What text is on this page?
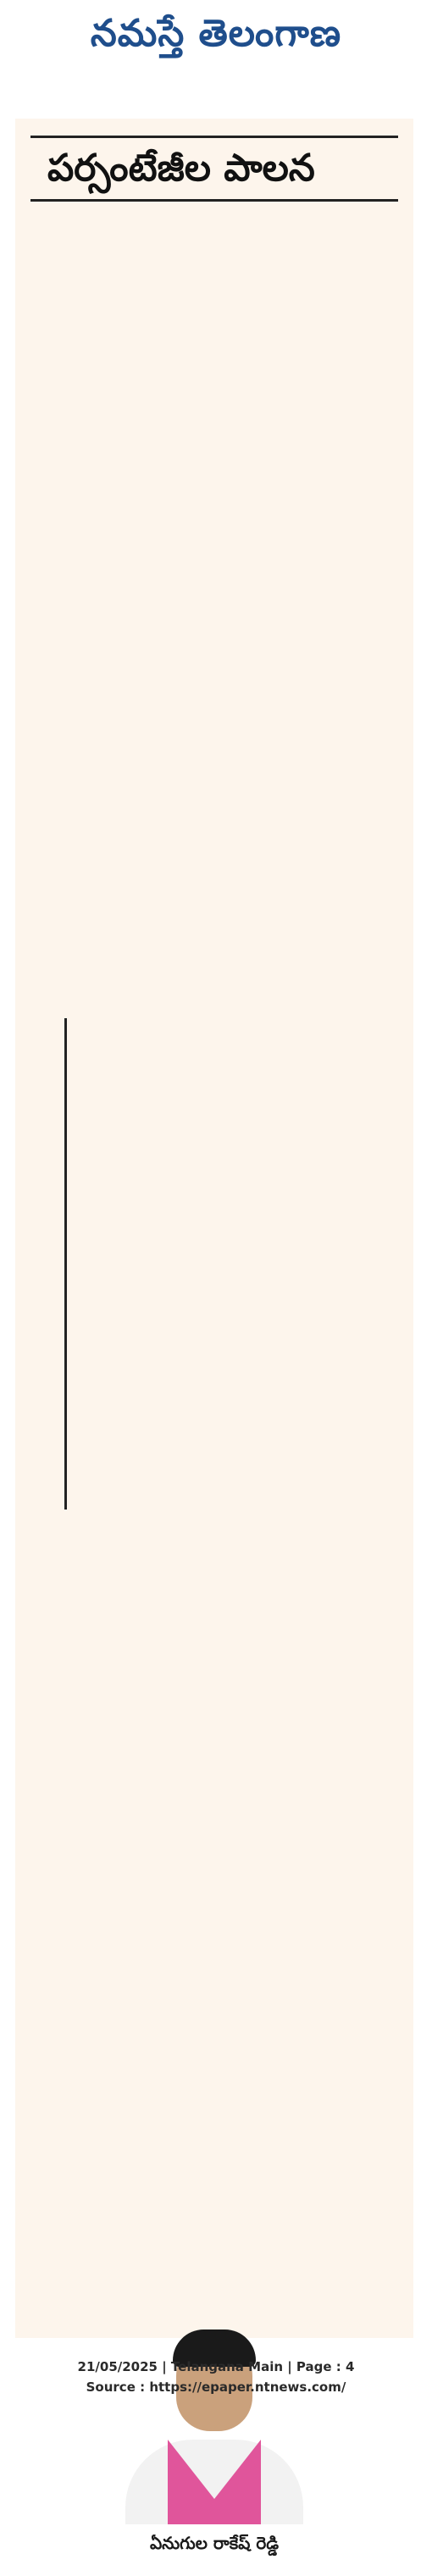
నమస్తే తెలంగాణ
పర్సంటేజీల పాలన

ఏనుగుల రాకేష్ రెడ్డి
21/05/2025 | Telangana Main | Page : 4
Source : https://epaper.ntnews.com/
